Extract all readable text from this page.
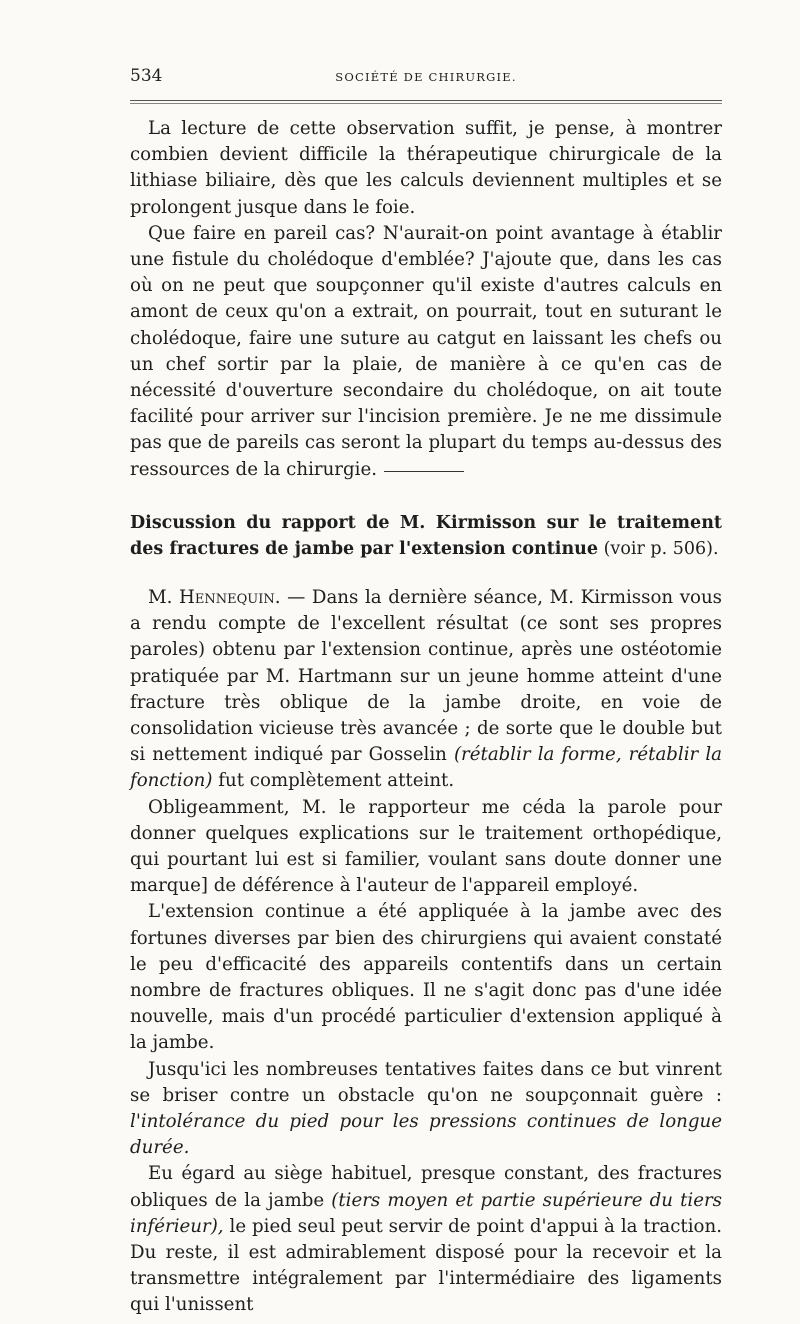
534	SOCIÉTÉ DE CHIRURGIE.

La lecture de cette observation suffit, je pense, à montrer combien devient difficile la thérapeutique chirurgicale de la lithiase biliaire, dès que les calculs deviennent multiples et se prolongent jusque dans le foie.

Que faire en pareil cas? N'aurait-on point avantage à établir une fistule du cholédoque d'emblée? J'ajoute que, dans les cas où on ne peut que soupçonner qu'il existe d'autres calculs en amont de ceux qu'on a extrait, on pourrait, tout en suturant le cholédoque, faire une suture au catgut en laissant les chefs ou un chef sortir par la plaie, de manière à ce qu'en cas de nécessité d'ouverture secondaire du cholédoque, on ait toute facilité pour arriver sur l'incision première. Je ne me dissimule pas que de pareils cas seront la plupart du temps au-dessus des ressources de la chirurgie.

Discussion du rapport de M. Kirmisson sur le traitement des fractures de jambe par l'extension continue (voir p. 506).

M. Hennequin. — Dans la dernière séance, M. Kirmisson vous a rendu compte de l'excellent résultat (ce sont ses propres paroles) obtenu par l'extension continue, après une ostéotomie pratiquée par M. Hartmann sur un jeune homme atteint d'une fracture très oblique de la jambe droite, en voie de consolidation vicieuse très avancée ; de sorte que le double but si nettement indiqué par Gosselin (rétablir la forme, rétablir la fonction) fut complètement atteint.

Obligeamment, M. le rapporteur me céda la parole pour donner quelques explications sur le traitement orthopédique, qui pourtant lui est si familier, voulant sans doute donner une marque] de déférence à l'auteur de l'appareil employé.

L'extension continue a été appliquée à la jambe avec des fortunes diverses par bien des chirurgiens qui avaient constaté le peu d'efficacité des appareils contentifs dans un certain nombre de fractures obliques. Il ne s'agit donc pas d'une idée nouvelle, mais d'un procédé particulier d'extension appliqué à la jambe.

Jusqu'ici les nombreuses tentatives faites dans ce but vinrent se briser contre un obstacle qu'on ne soupçonnait guère : l'intolérance du pied pour les pressions continues de longue durée.

Eu égard au siège habituel, presque constant, des fractures obliques de la jambe (tiers moyen et partie supérieure du tiers inférieur), le pied seul peut servir de point d'appui à la traction. Du reste, il est admirablement disposé pour la recevoir et la transmettre intégralement par l'intermédiaire des ligaments qui l'unissent
